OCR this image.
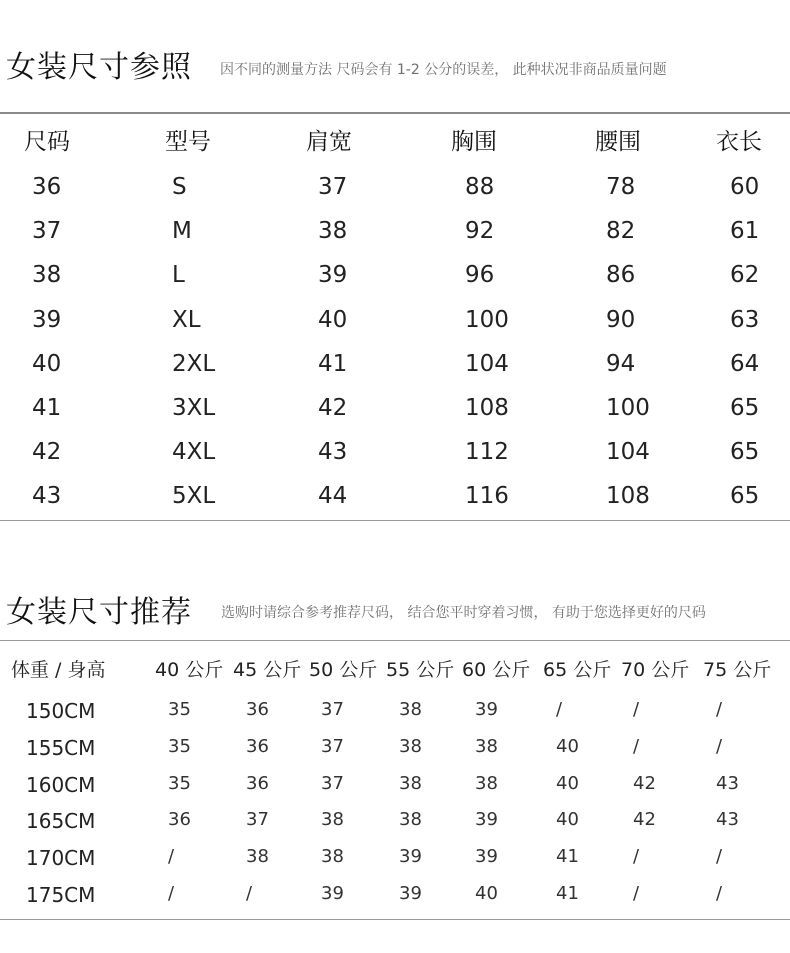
女装尺寸参照 因不同的测量方法 尺码会有 1-2 公分的误差， 此种状况非商品质量问题
尺码	型号	肩宽	胸围	腰围	衣长
36	S	37	88	78	60
37	M	38	92	82	61
38	L	39	96	86	62
39	XL	40	100	90	63
40	2XL	41	104	94	64
41	3XL	42	108	100	65
42	4XL	43	112	104	65
43	5XL	44	116	108	65
女装尺寸推荐 选购时请综合参考推荐尺码， 结合您平时穿着习惯， 有助于您选择更好的尺码
体重 / 身高	40 公斤 45 公斤 50 公斤 55 公斤 60 公斤 65 公斤 70 公斤 75 公斤
150CM	35	36	37	38	39	/	/	/
155CM	35	36	37	38	38	40	/	/
160CM	35	36	37	38	38	40	42	43
165CM	36	37	38	38	39	40	42	43
170CM	/	38	38	39	39	41	/	/
175CM	/	/	39	39	40	41	/	/
